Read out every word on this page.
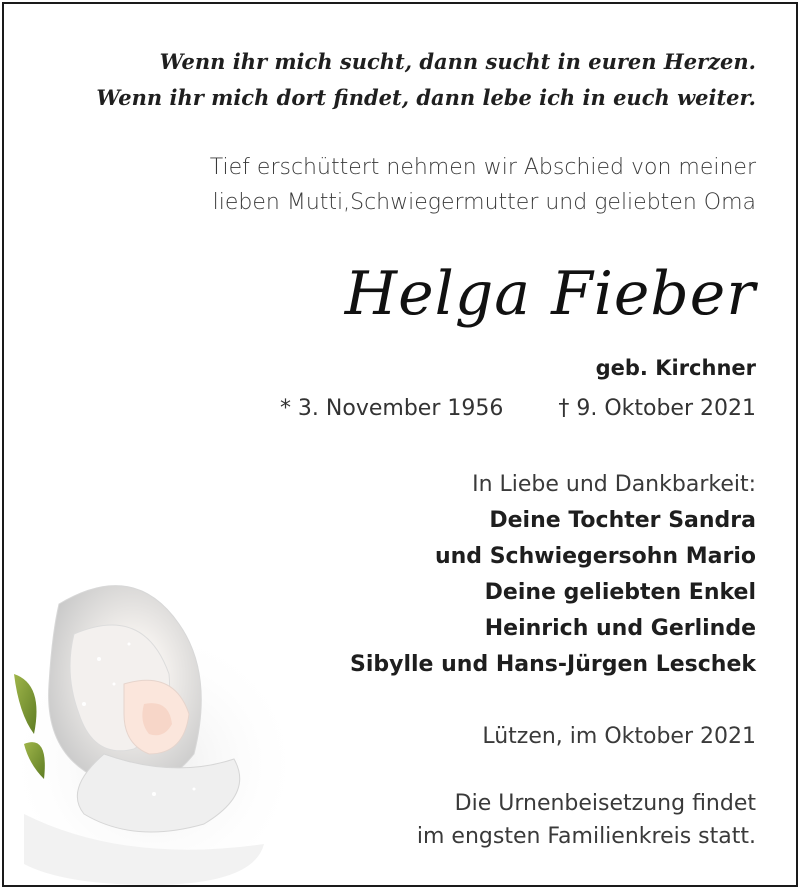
Wenn ihr mich sucht, dann sucht in euren Herzen.
Wenn ihr mich dort findet, dann lebe ich in euch weiter.
Tief erschüttert nehmen wir Abschied von meiner
lieben Mutti,Schwiegermutter und geliebten Oma
Helga Fieber
geb. Kirchner
* 3. November 1956	† 9. Oktober 2021
In Liebe und Dankbarkeit:
Deine Tochter Sandra
und Schwiegersohn Mario
Deine geliebten Enkel
Heinrich und Gerlinde
Sibylle und Hans-Jürgen Leschek
Lützen, im Oktober 2021
Die Urnenbeisetzung findet
im engsten Familienkreis statt.
